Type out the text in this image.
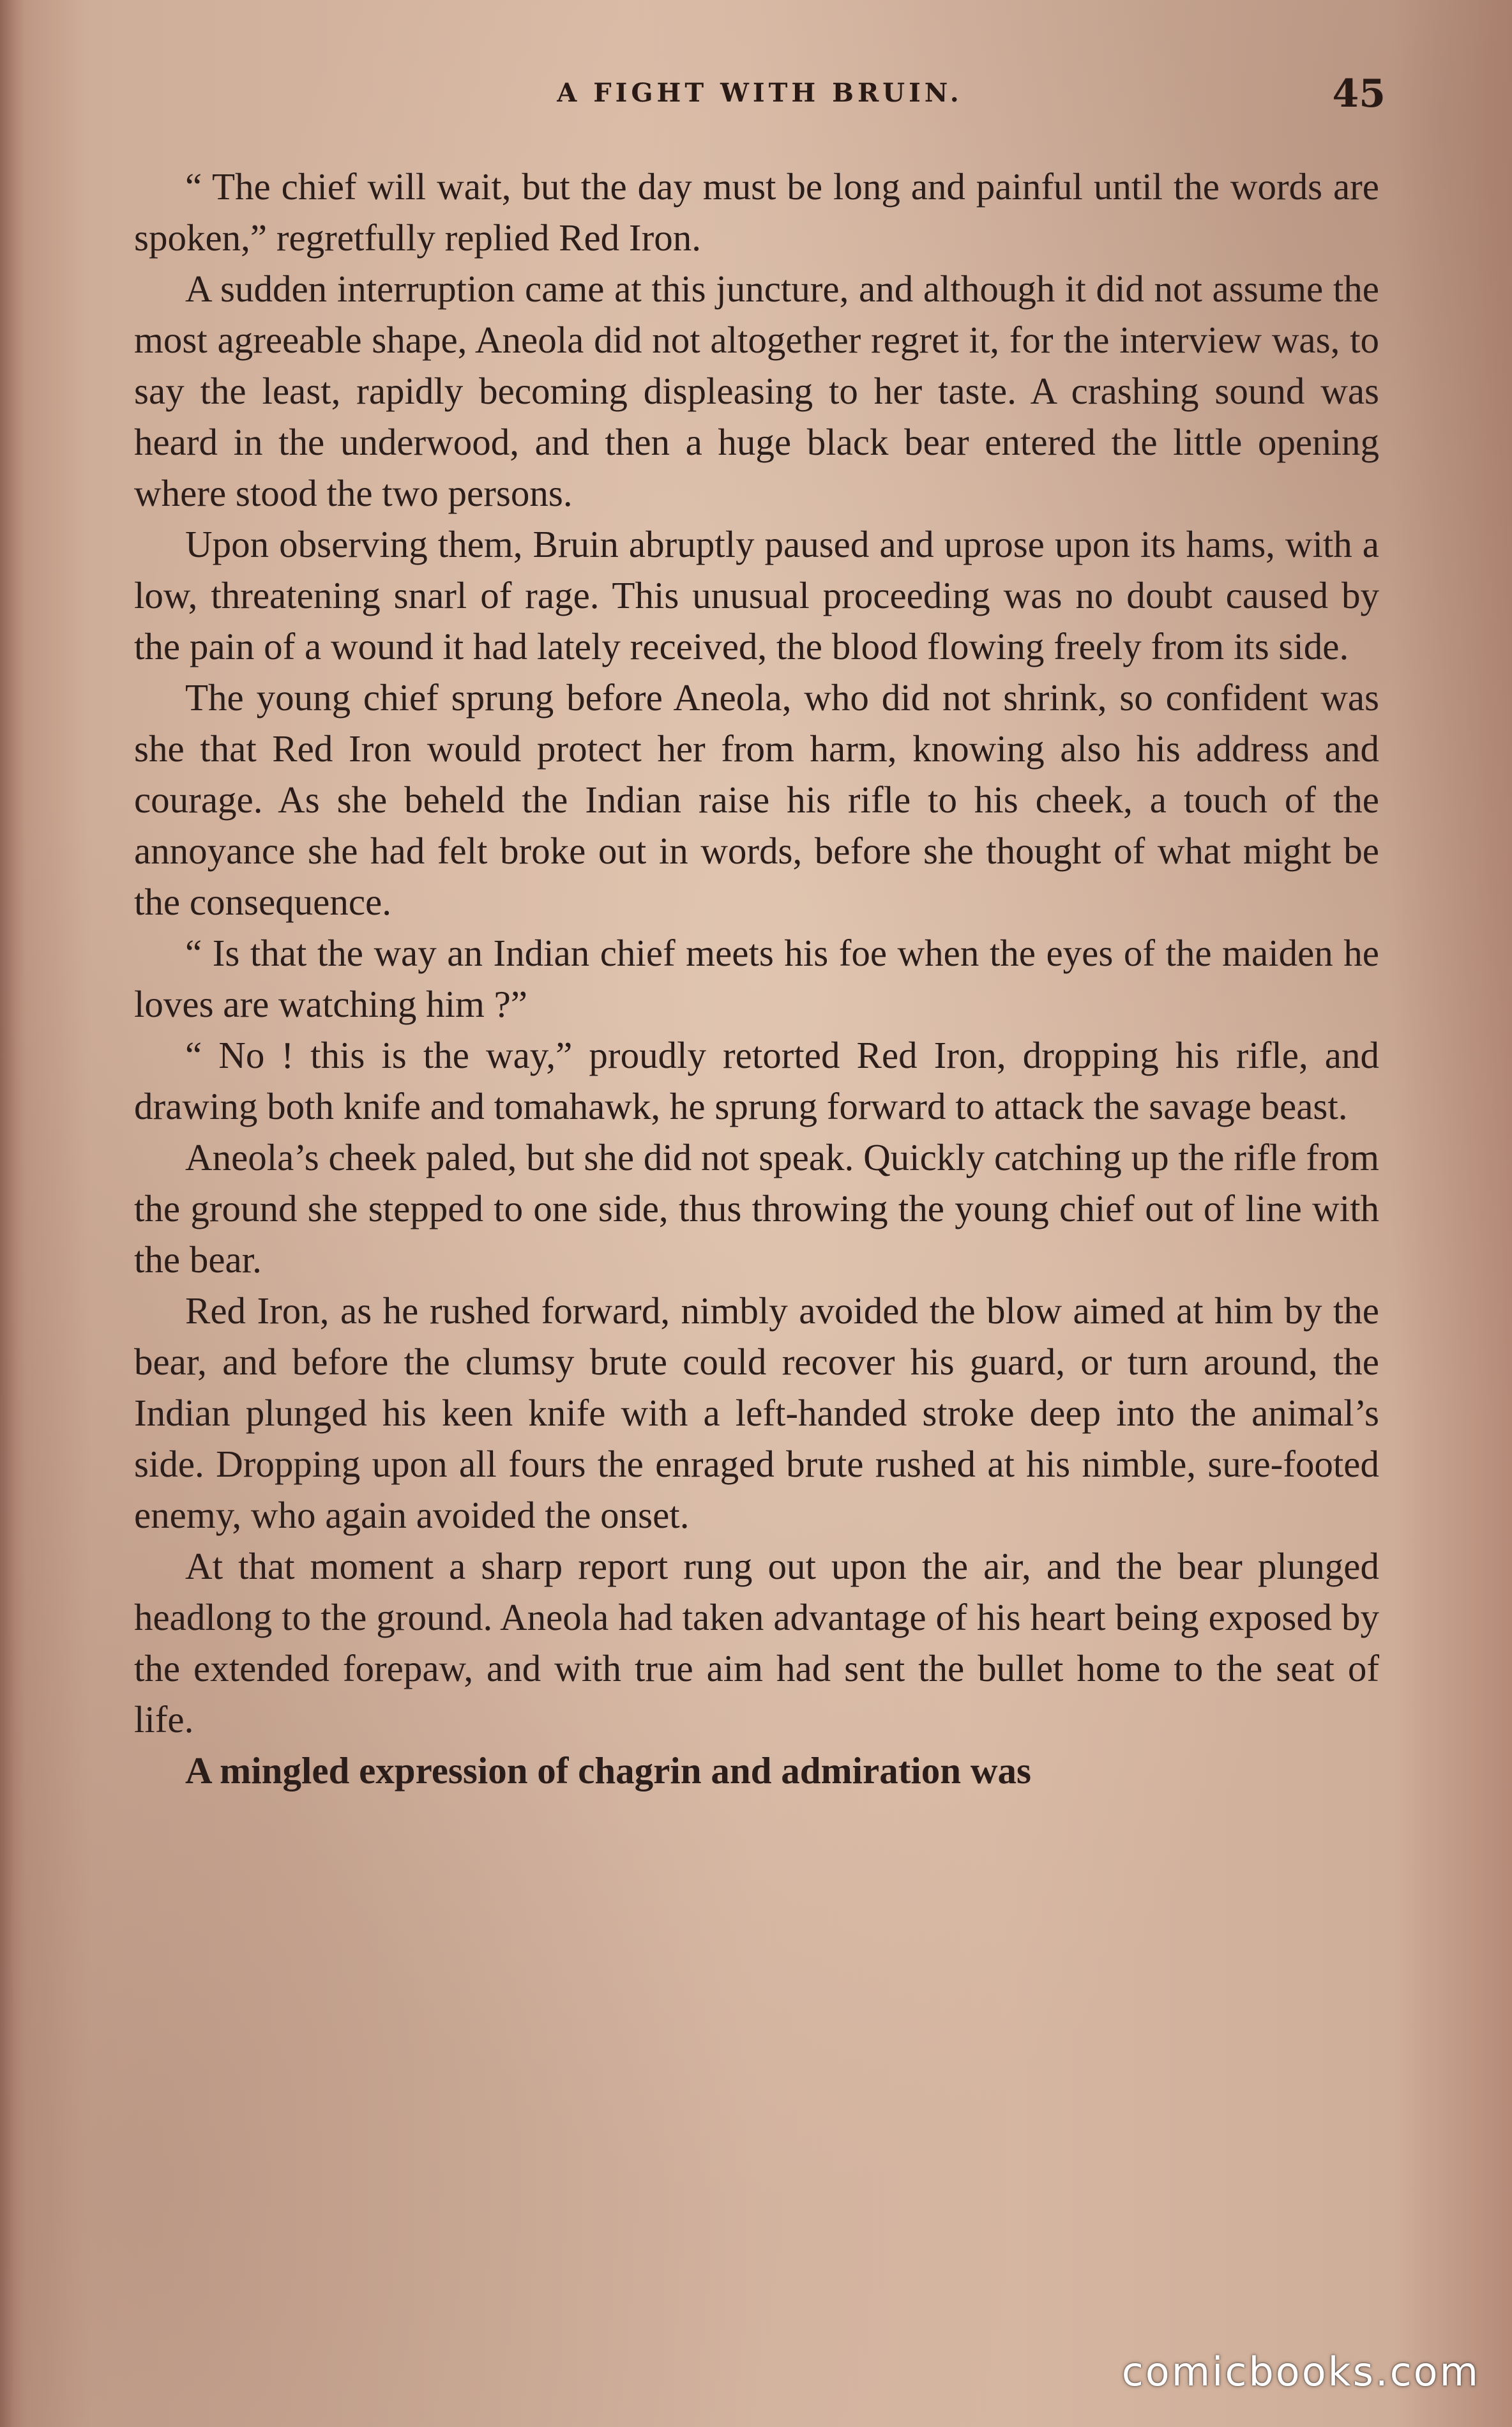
A FIGHT WITH BRUIN.	45

“ The chief will wait, but the day must be long and painful until the words are spoken,” regretfully replied Red Iron.

A sudden interruption came at this juncture, and although it did not assume the most agreeable shape, Aneola did not altogether regret it, for the interview was, to say the least, rapidly becoming displeasing to her taste. A crashing sound was heard in the underwood, and then a huge black bear entered the little opening where stood the two persons.

Upon observing them, Bruin abruptly paused and uprose upon its hams, with a low, threatening snarl of rage. This unusual proceeding was no doubt caused by the pain of a wound it had lately received, the blood flowing freely from its side.

The young chief sprung before Aneola, who did not shrink, so confident was she that Red Iron would protect her from harm, knowing also his address and courage. As she beheld the Indian raise his rifle to his cheek, a touch of the annoyance she had felt broke out in words, before she thought of what might be the consequence.

“ Is that the way an Indian chief meets his foe when the eyes of the maiden he loves are watching him ?”

“ No ! this is the way,” proudly retorted Red Iron, dropping his rifle, and drawing both knife and tomahawk, he sprung forward to attack the savage beast.

Aneola’s cheek paled, but she did not speak. Quickly catching up the rifle from the ground she stepped to one side, thus throwing the young chief out of line with the bear.

Red Iron, as he rushed forward, nimbly avoided the blow aimed at him by the bear, and before the clumsy brute could recover his guard, or turn around, the Indian plunged his keen knife with a left-handed stroke deep into the animal’s side. Dropping upon all fours the enraged brute rushed at his nimble, sure-footed enemy, who again avoided the onset.

At that moment a sharp report rung out upon the air, and the bear plunged headlong to the ground. Aneola had taken advantage of his heart being exposed by the extended forepaw, and with true aim had sent the bullet home to the seat of life.

A mingled expression of chagrin and admiration was

comicbooks.com
